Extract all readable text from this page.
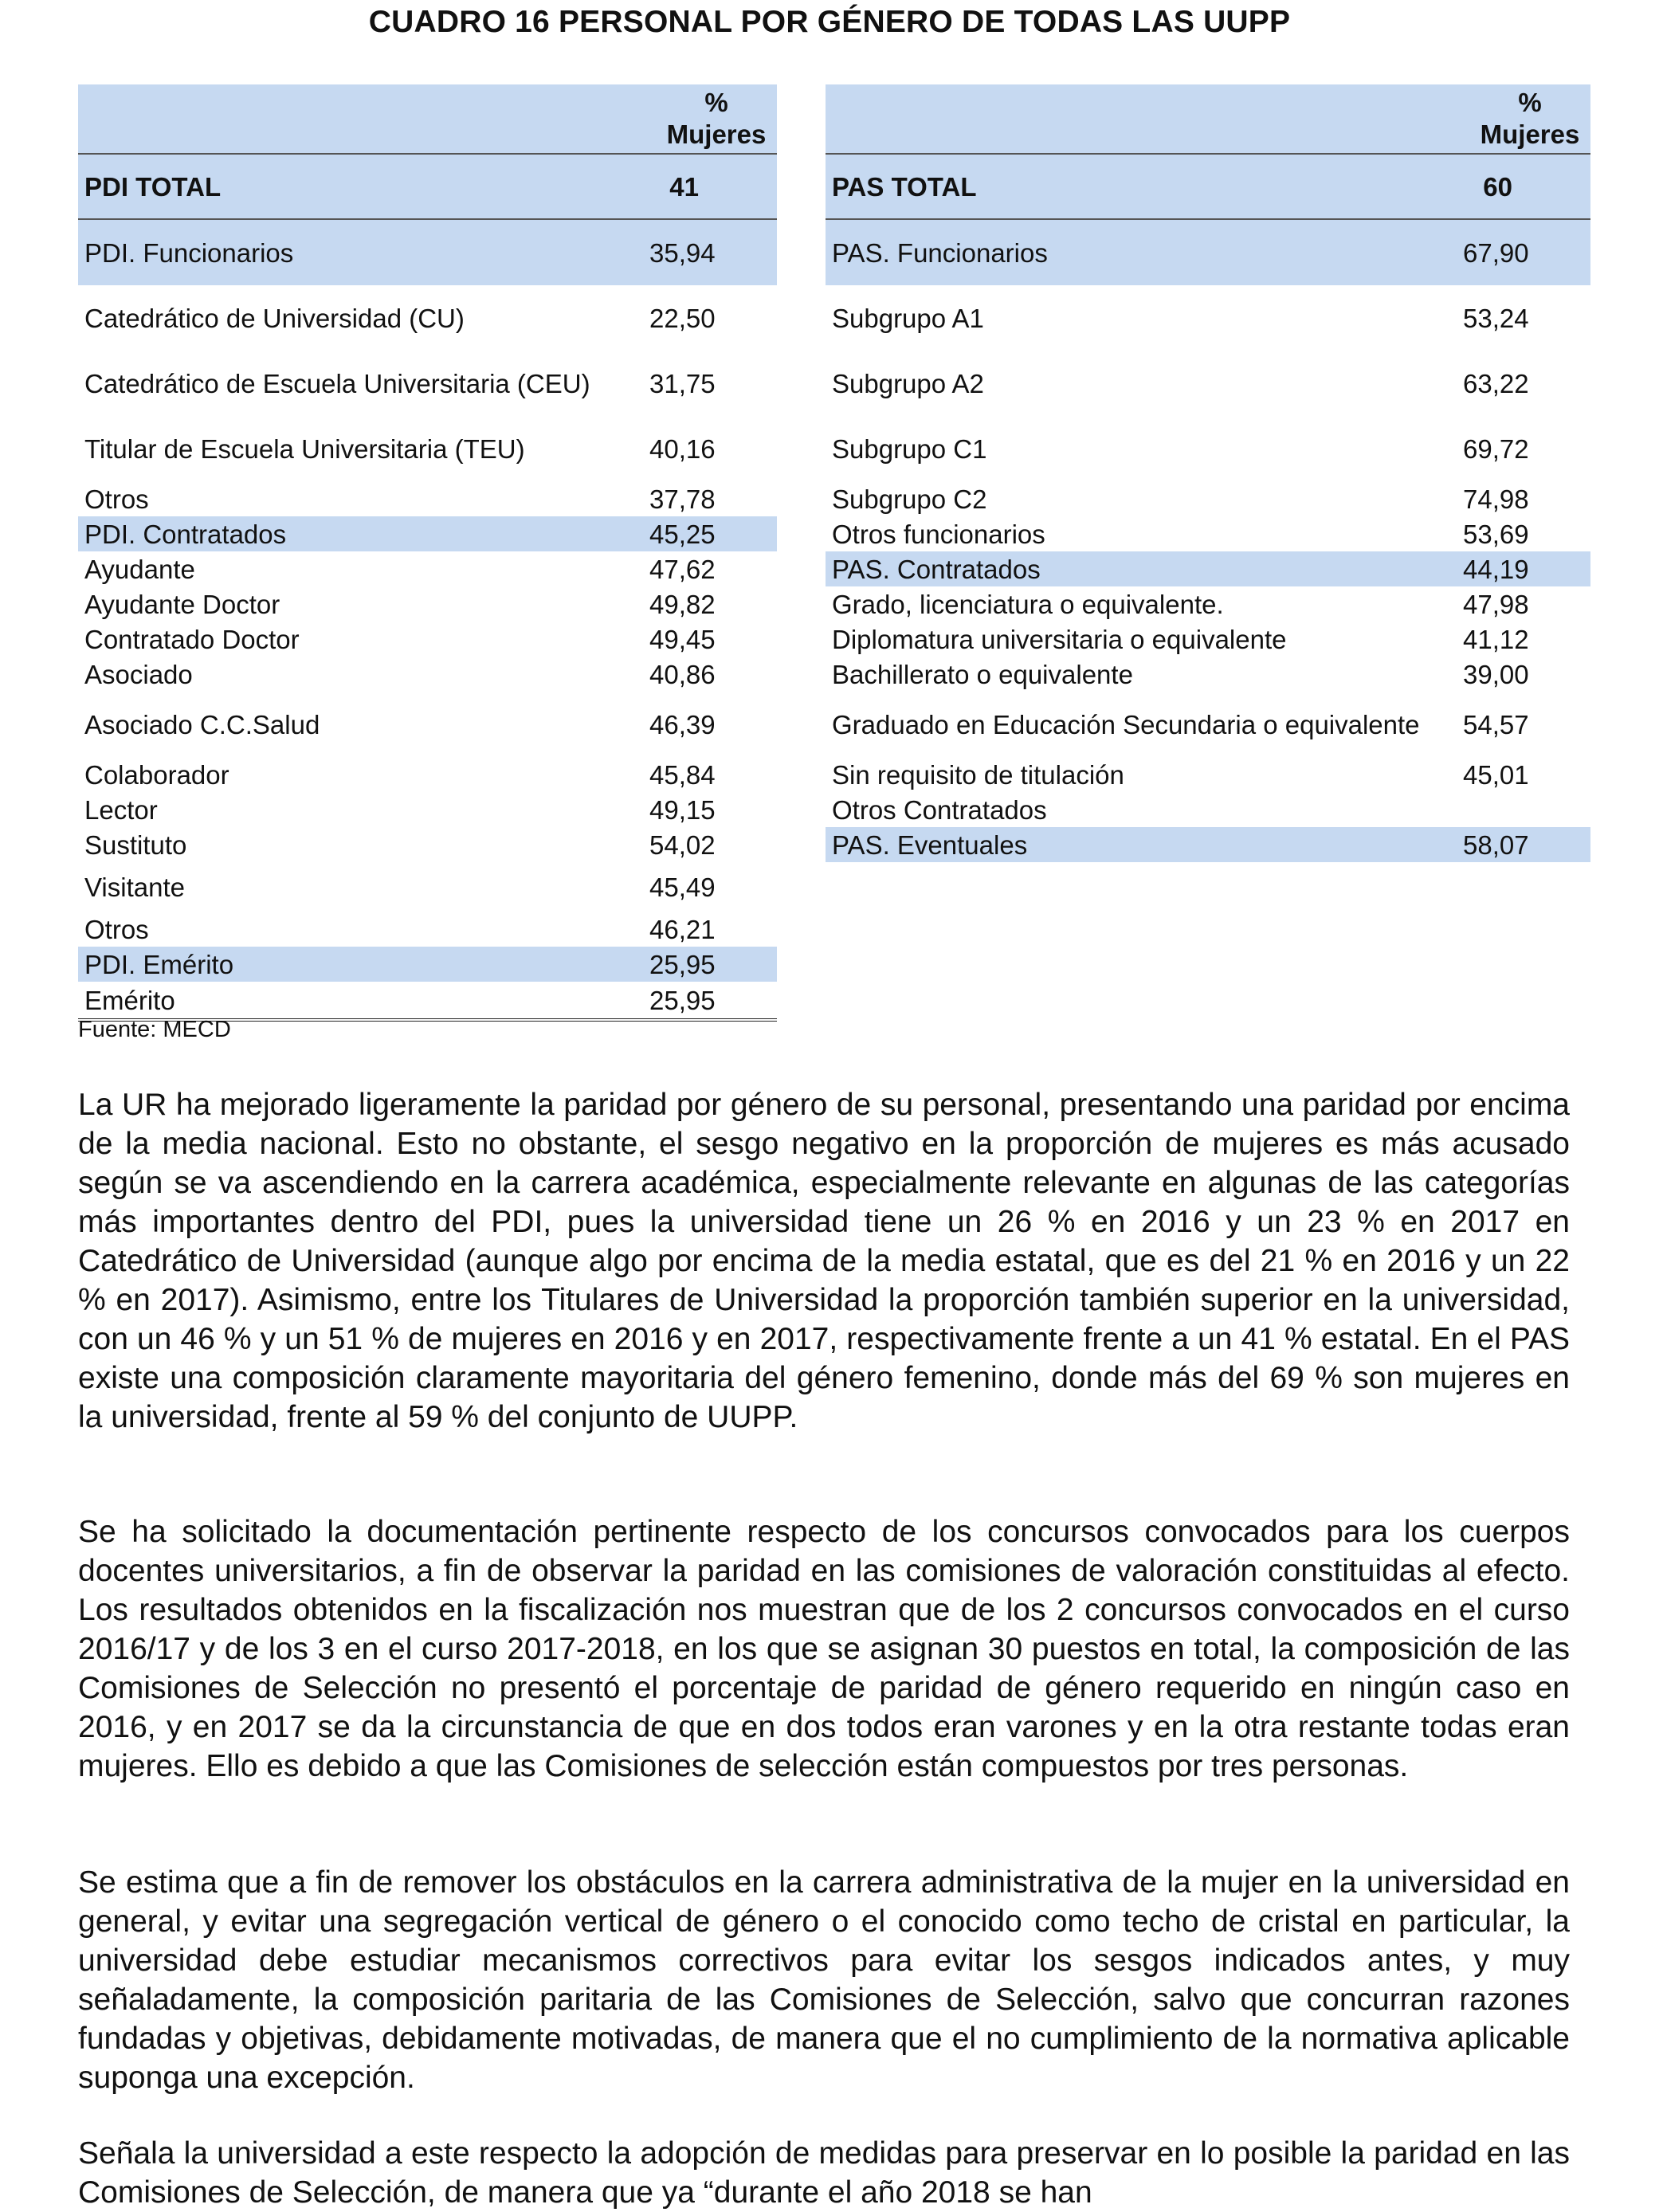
CUADRO 16 PERSONAL POR GÉNERO DE TODAS LAS UUPP
	%
Mujeres
PDI TOTAL	41
PDI. Funcionarios	35,94
Catedrático de Universidad (CU)	22,50
Catedrático de Escuela Universitaria (CEU)	31,75
Titular de Escuela Universitaria (TEU)	40,16
Otros	37,78
PDI. Contratados	45,25
Ayudante	47,62
Ayudante Doctor	49,82
Contratado Doctor	49,45
Asociado	40,86
Asociado C.C.Salud	46,39
Colaborador	45,84
Lector	49,15
Sustituto	54,02
Visitante	45,49
Otros	46,21
PDI. Emérito	25,95
Emérito	25,95
	%
Mujeres
PAS TOTAL	60
PAS. Funcionarios	67,90
Subgrupo A1	53,24
Subgrupo A2	63,22
Subgrupo C1	69,72
Subgrupo C2	74,98
Otros funcionarios	53,69
PAS. Contratados	44,19
Grado, licenciatura o equivalente.	47,98
Diplomatura universitaria o equivalente	41,12
Bachillerato o equivalente	39,00
Graduado en Educación Secundaria o equivalente	54,57
Sin requisito de titulación	45,01
Otros Contratados	
PAS. Eventuales	58,07
Fuente: MECD

La UR ha mejorado ligeramente la paridad por género de su personal, presentando una paridad por encima de la media nacional. Esto no obstante, el sesgo negativo en la proporción de mujeres es más acusado según se va ascendiendo en la carrera académica, especialmente relevante en algunas de las categorías más importantes dentro del PDI, pues la universidad tiene un 26 % en 2016 y un 23 % en 2017 en Catedrático de Universidad (aunque algo por encima de la media estatal, que es del 21 % en 2016 y un 22 % en 2017). Asimismo, entre los Titulares de Universidad la proporción también superior en la universidad, con un 46 % y un 51 % de mujeres en 2016 y en 2017, respectivamente frente a un 41 % estatal. En el PAS existe una composición claramente mayoritaria del género femenino, donde más del 69 % son mujeres en la universidad, frente al 59 % del conjunto de UUPP.

Se ha solicitado la documentación pertinente respecto de los concursos convocados para los cuerpos docentes universitarios, a fin de observar la paridad en las comisiones de valoración constituidas al efecto. Los resultados obtenidos en la fiscalización nos muestran que de los 2 concursos convocados en el curso 2016/17 y de los 3 en el curso 2017-2018, en los que se asignan 30 puestos en total, la composición de las Comisiones de Selección no presentó el porcentaje de paridad de género requerido en ningún caso en 2016, y en 2017 se da la circunstancia de que en dos todos eran varones y en la otra restante todas eran mujeres. Ello es debido a que las Comisiones de selección están compuestos por tres personas.

Se estima que a fin de remover los obstáculos en la carrera administrativa de la mujer en la universidad en general, y evitar una segregación vertical de género o el conocido como techo de cristal en particular, la universidad debe estudiar mecanismos correctivos para evitar los sesgos indicados antes, y muy señaladamente, la composición paritaria de las Comisiones de Selección, salvo que concurran razones fundadas y objetivas, debidamente motivadas, de manera que el no cumplimiento de la normativa aplicable suponga una excepción.

Señala la universidad a este respecto la adopción de medidas para preservar en lo posible la paridad en las Comisiones de Selección, de manera que ya “durante el año 2018 se han
